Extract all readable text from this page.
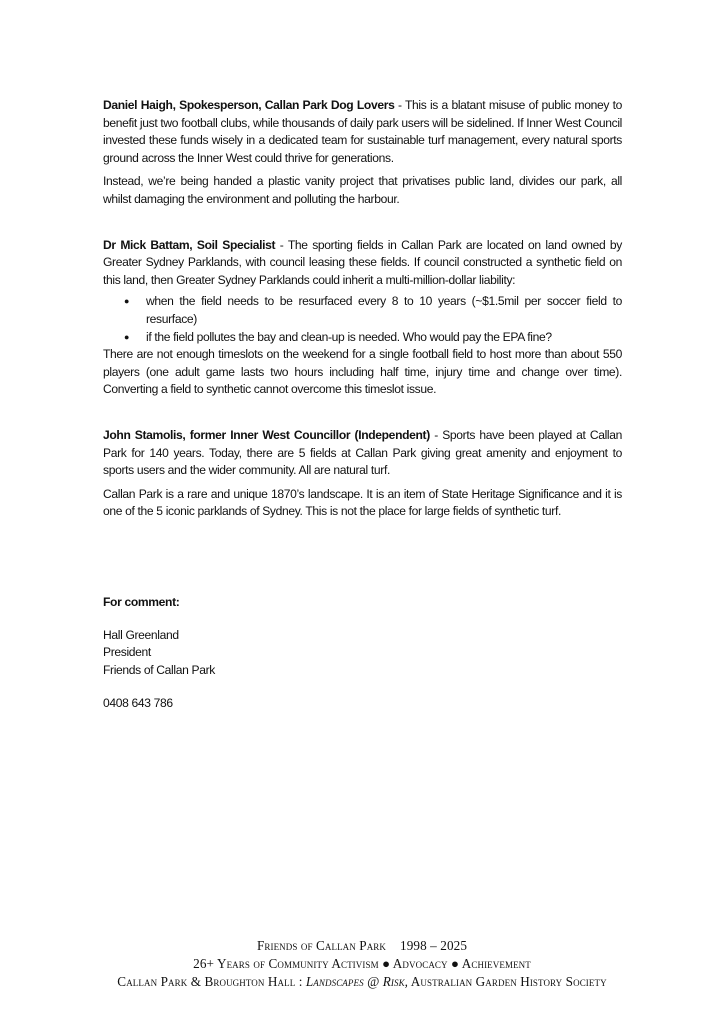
Daniel Haigh, Spokesperson, Callan Park Dog Lovers - This is a blatant misuse of public money to benefit just two football clubs, while thousands of daily park users will be sidelined. If Inner West Council invested these funds wisely in a dedicated team for sustainable turf management, every natural sports ground across the Inner West could thrive for generations.

Instead, we’re being handed a plastic vanity project that privatises public land, divides our park, all whilst damaging the environment and polluting the harbour.

Dr Mick Battam, Soil Specialist - The sporting fields in Callan Park are located on land owned by Greater Sydney Parklands, with council leasing these fields. If council constructed a synthetic field on this land, then Greater Sydney Parklands could inherit a multi-million-dollar liability:

● when the field needs to be resurfaced every 8 to 10 years (~$1.5mil per soccer field to resurface)
● if the field pollutes the bay and clean-up is needed. Who would pay the EPA fine?

There are not enough timeslots on the weekend for a single football field to host more than about 550 players (one adult game lasts two hours including half time, injury time and change over time). Converting a field to synthetic cannot overcome this timeslot issue.

John Stamolis, former Inner West Councillor (Independent) - Sports have been played at Callan Park for 140 years. Today, there are 5 fields at Callan Park giving great amenity and enjoyment to sports users and the wider community. All are natural turf.

Callan Park is a rare and unique 1870’s landscape. It is an item of State Heritage Significance and it is one of the 5 iconic parklands of Sydney. This is not the place for large fields of synthetic turf.

For comment:
Hall Greenland
President
Friends of Callan Park
0408 643 786
Friends of Callan Park 1998 – 2025
26+ Years of Community Activism ● Advocacy ● Achievement
Callan Park & Broughton Hall : Landscapes @ Risk, Australian Garden History Society
